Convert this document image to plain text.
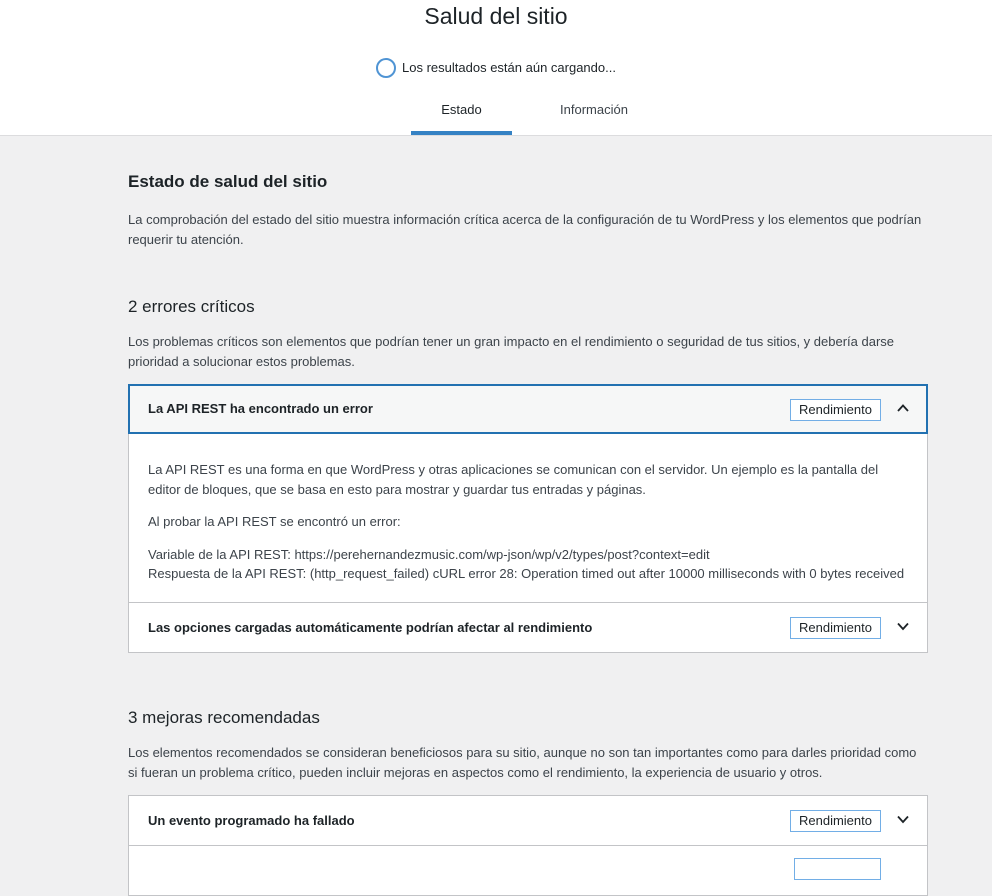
Salud del sitio
Los resultados están aún cargando...
Estado	Información
Estado de salud del sitio

La comprobación del estado del sitio muestra información crítica acerca de la configuración de tu WordPress y los elementos que podrían requerir tu atención.

2 errores críticos

Los problemas críticos son elementos que podrían tener un gran impacto en el rendimiento o seguridad de tus sitios, y debería darse prioridad a solucionar estos problemas.

La API REST ha encontrado un error	Rendimiento

La API REST es una forma en que WordPress y otras aplicaciones se comunican con el servidor. Un ejemplo es la pantalla del editor de bloques, que se basa en esto para mostrar y guardar tus entradas y páginas.

Al probar la API REST se encontró un error:

Variable de la API REST: https://perehernandezmusic.com/wp-json/wp/v2/types/post?context=edit
Respuesta de la API REST: (http_request_failed) cURL error 28: Operation timed out after 10000 milliseconds with 0 bytes received

Las opciones cargadas automáticamente podrían afectar al rendimiento	Rendimiento
3 mejoras recomendadas

Los elementos recomendados se consideran beneficiosos para su sitio, aunque no son tan importantes como para darles prioridad como si fueran un problema crítico, pueden incluir mejoras en aspectos como el rendimiento, la experiencia de usuario y otros.

Un evento programado ha fallado	Rendimiento
